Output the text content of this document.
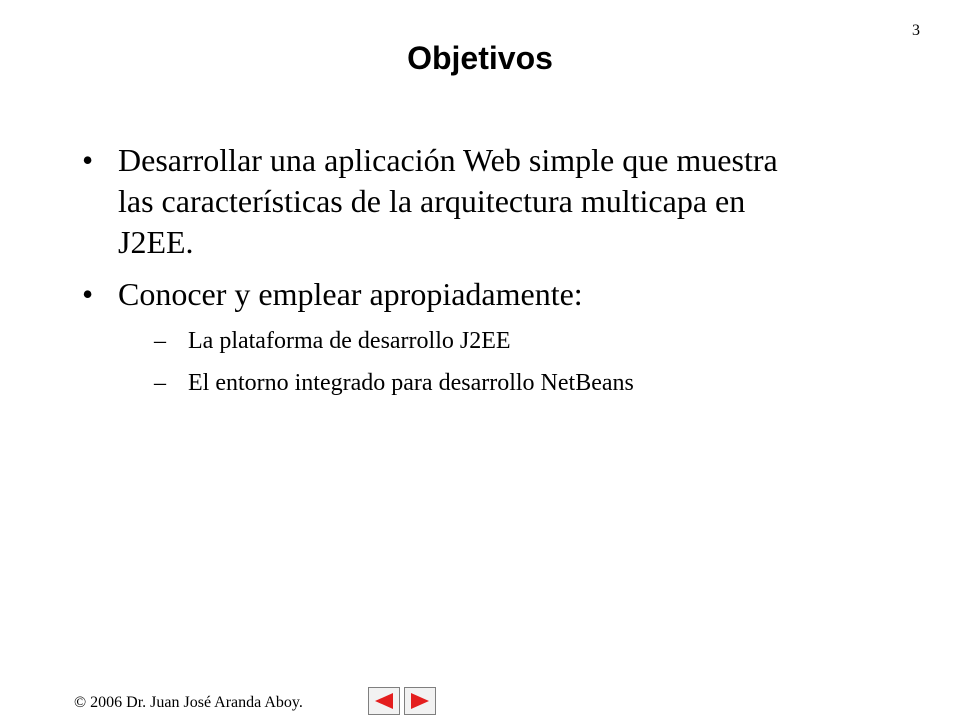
3
Objetivos
• Desarrollar una aplicación Web simple que muestra las características de la arquitectura multicapa en J2EE.
• Conocer y emplear apropiadamente:
– La plataforma de desarrollo J2EE
– El entorno integrado para desarrollo NetBeans
© 2006 Dr. Juan José Aranda Aboy.
